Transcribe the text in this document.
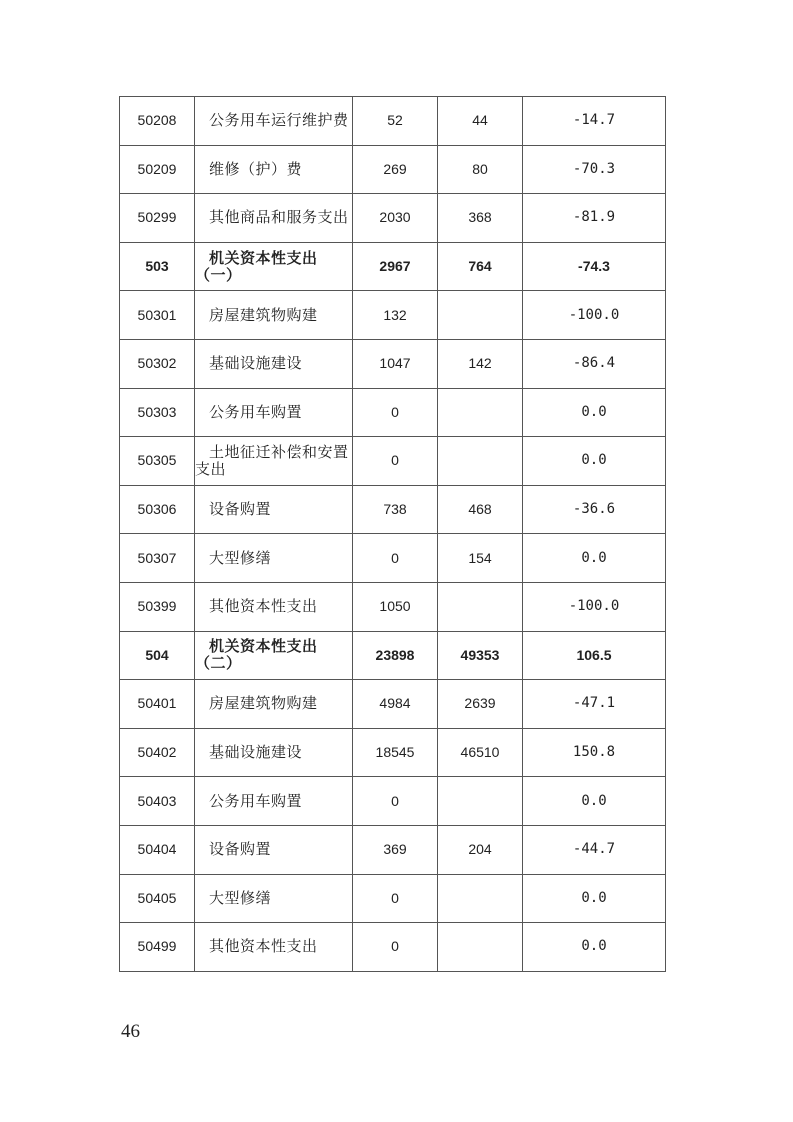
50208	公务用车运行维护费	52	44	-14.7
50209	维修（护）费	269	80	-70.3
50299	其他商品和服务支出	2030	368	-81.9
503	机关资本性支出（一）	2967	764	-74.3
50301	房屋建筑物购建	132		-100.0
50302	基础设施建设	1047	142	-86.4
50303	公务用车购置	0		0.0
50305	土地征迁补偿和安置支出	0		0.0
50306	设备购置	738	468	-36.6
50307	大型修缮	0	154	0.0
50399	其他资本性支出	1050		-100.0
504	机关资本性支出（二）	23898	49353	106.5
50401	房屋建筑物购建	4984	2639	-47.1
50402	基础设施建设	18545	46510	150.8
50403	公务用车购置	0		0.0
50404	设备购置	369	204	-44.7
50405	大型修缮	0		0.0
50499	其他资本性支出	0		0.0
46
